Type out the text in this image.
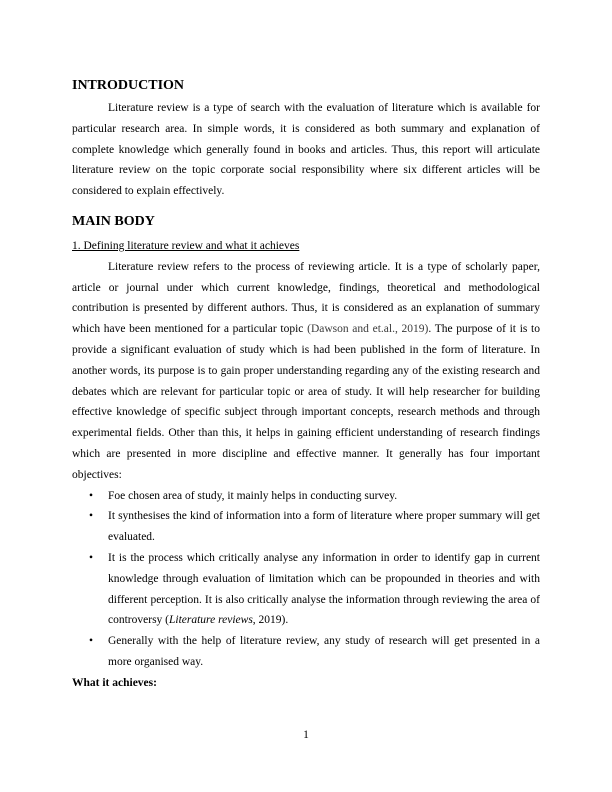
INTRODUCTION

Literature review is a type of search with the evaluation of literature which is available for particular research area. In simple words, it is considered as both summary and explanation of complete knowledge which generally found in books and articles. Thus, this report will articulate literature review on the topic corporate social responsibility where six different articles will be considered to explain effectively.

MAIN BODY
1. Defining literature review and what it achieves

Literature review refers to the process of reviewing article. It is a type of scholarly paper, article or journal under which current knowledge, findings, theoretical and methodological contribution is presented by different authors. Thus, it is considered as an explanation of summary which have been mentioned for a particular topic (Dawson and et.al., 2019). The purpose of it is to provide a significant evaluation of study which is had been published in the form of literature. In another words, its purpose is to gain proper understanding regarding any of the existing research and debates which are relevant for particular topic or area of study. It will help researcher for building effective knowledge of specific subject through important concepts, research methods and through experimental fields. Other than this, it helps in gaining efficient understanding of research findings which are presented in more discipline and effective manner. It generally has four important objectives:

• Foe chosen area of study, it mainly helps in conducting survey.
• It synthesises the kind of information into a form of literature where proper summary will get evaluated.
• It is the process which critically analyse any information in order to identify gap in current knowledge through evaluation of limitation which can be propounded in theories and with different perception. It is also critically analyse the information through reviewing the area of controversy (Literature reviews, 2019).
• Generally with the help of literature review, any study of research will get presented in a more organised way.
What it achieves:
1
